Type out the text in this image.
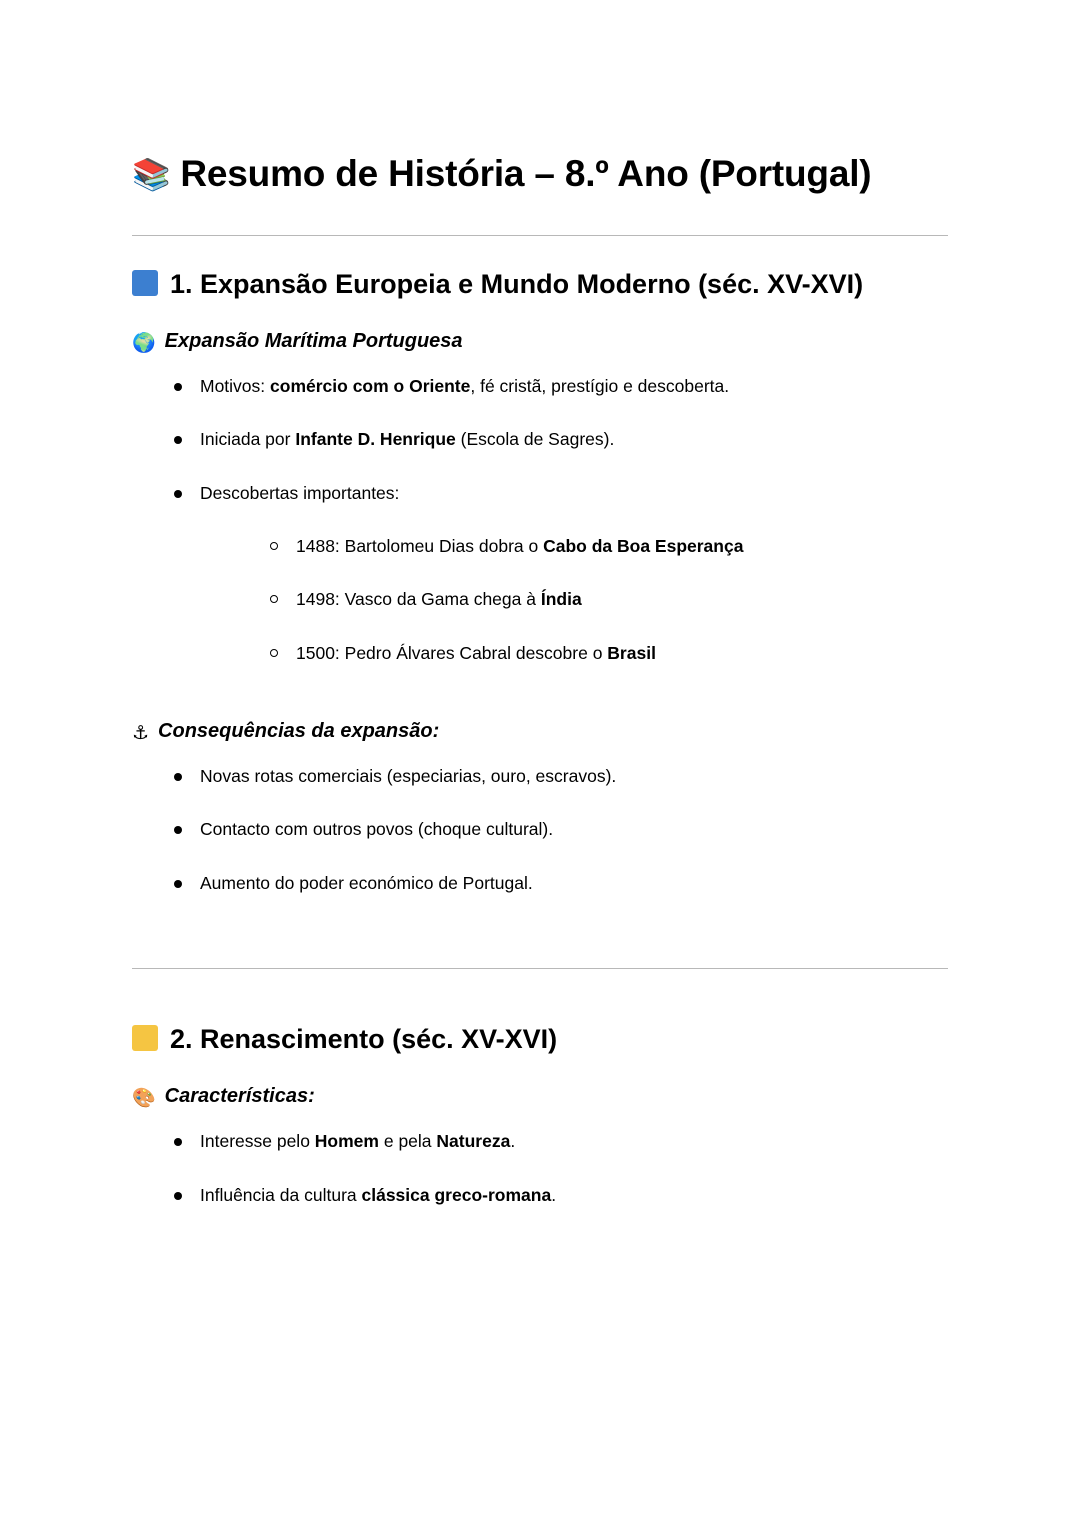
📚 Resumo de História – 8.º Ano (Portugal)
1. Expansão Europeia e Mundo Moderno (séc. XV-XVI)
🌍 Expansão Marítima Portuguesa
Motivos: comércio com o Oriente, fé cristã, prestígio e descoberta.
Iniciada por Infante D. Henrique (Escola de Sagres).
Descobertas importantes:
1488: Bartolomeu Dias dobra o Cabo da Boa Esperança
1498: Vasco da Gama chega à Índia
1500: Pedro Álvares Cabral descobre o Brasil
⚓ Consequências da expansão:
Novas rotas comerciais (especiarias, ouro, escravos).
Contacto com outros povos (choque cultural).
Aumento do poder económico de Portugal.
2. Renascimento (séc. XV-XVI)
🎨 Características:
Interesse pelo Homem e pela Natureza.
Influência da cultura clássica greco-romana.
